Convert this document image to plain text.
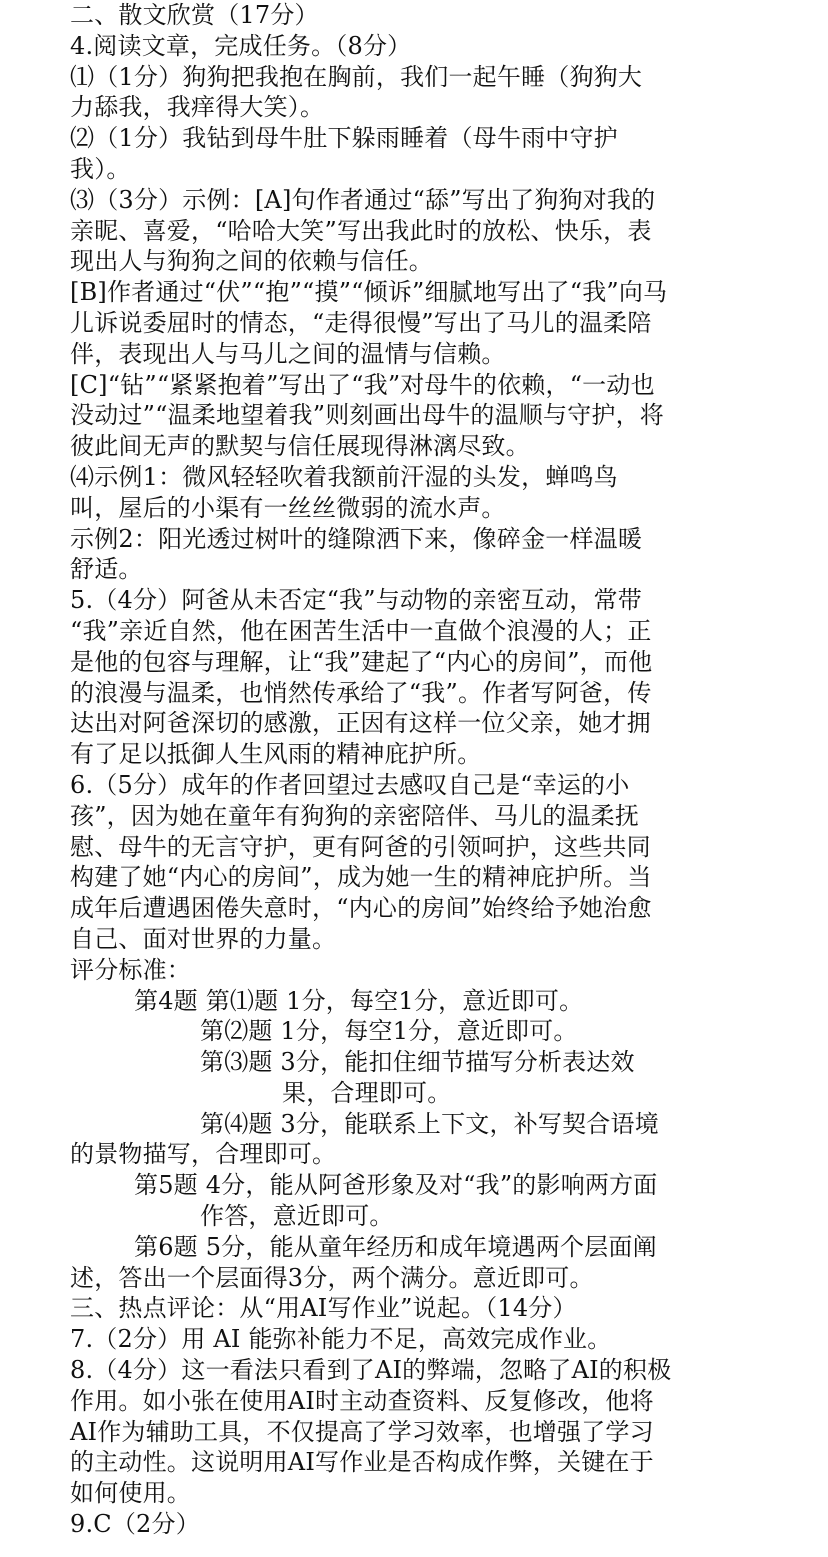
二、散文欣赏（17分）
4.阅读文章，完成任务。（8分）
⑴（1分）狗狗把我抱在胸前，我们一起午睡（狗狗大
力舔我，我痒得大笑）。
⑵（1分）我钻到母牛肚下躲雨睡着（母牛雨中守护
我）。
⑶（3分）示例：[A]句作者通过“舔”写出了狗狗对我的
亲昵、喜爱，“哈哈大笑”写出我此时的放松、快乐，表
现出人与狗狗之间的依赖与信任。
[B]作者通过“伏”“抱”“摸”“倾诉”细腻地写出了“我”向马
儿诉说委屈时的情态，“走得很慢”写出了马儿的温柔陪
伴，表现出人与马儿之间的温情与信赖。
[C]“钻”“紧紧抱着”写出了“我”对母牛的依赖，“一动也
没动过”“温柔地望着我”则刻画出母牛的温顺与守护，将
彼此间无声的默契与信任展现得淋漓尽致。
⑷示例1：微风轻轻吹着我额前汗湿的头发，蝉鸣鸟
叫，屋后的小渠有一丝丝微弱的流水声。
示例2：阳光透过树叶的缝隙洒下来，像碎金一样温暖
舒适。
5.（4分）阿爸从未否定“我”与动物的亲密互动，常带
“我”亲近自然，他在困苦生活中一直做个浪漫的人；正
是他的包容与理解，让“我”建起了“内心的房间”，而他
的浪漫与温柔，也悄然传承给了“我”。作者写阿爸，传
达出对阿爸深切的感激，正因有这样一位父亲，她才拥
有了足以抵御人生风雨的精神庇护所。
6.（5分）成年的作者回望过去感叹自己是“幸运的小
孩”，因为她在童年有狗狗的亲密陪伴、马儿的温柔抚
慰、母牛的无言守护，更有阿爸的引领呵护，这些共同
构建了她“内心的房间”，成为她一生的精神庇护所。当
成年后遭遇困倦失意时，“内心的房间”始终给予她治愈
自己、面对世界的力量。
评分标准：
第4题 第⑴题 1分，每空1分，意近即可。
第⑵题 1分，每空1分，意近即可。
第⑶题 3分，能扣住细节描写分析表达效
果，合理即可。
第⑷题 3分，能联系上下文，补写契合语境
的景物描写，合理即可。
第5题 4分，能从阿爸形象及对“我”的影响两方面
作答，意近即可。
第6题 5分，能从童年经历和成年境遇两个层面阐
述，答出一个层面得3分，两个满分。意近即可。
三、热点评论：从“用AI写作业”说起。（14分）
7.（2分）用 AI 能弥补能力不足，高效完成作业。
8.（4分）这一看法只看到了AI的弊端，忽略了AI的积极
作用。如小张在使用AI时主动查资料、反复修改，他将
AI作为辅助工具，不仅提高了学习效率，也增强了学习
的主动性。这说明用AI写作业是否构成作弊，关键在于
如何使用。
9.C（2分）
